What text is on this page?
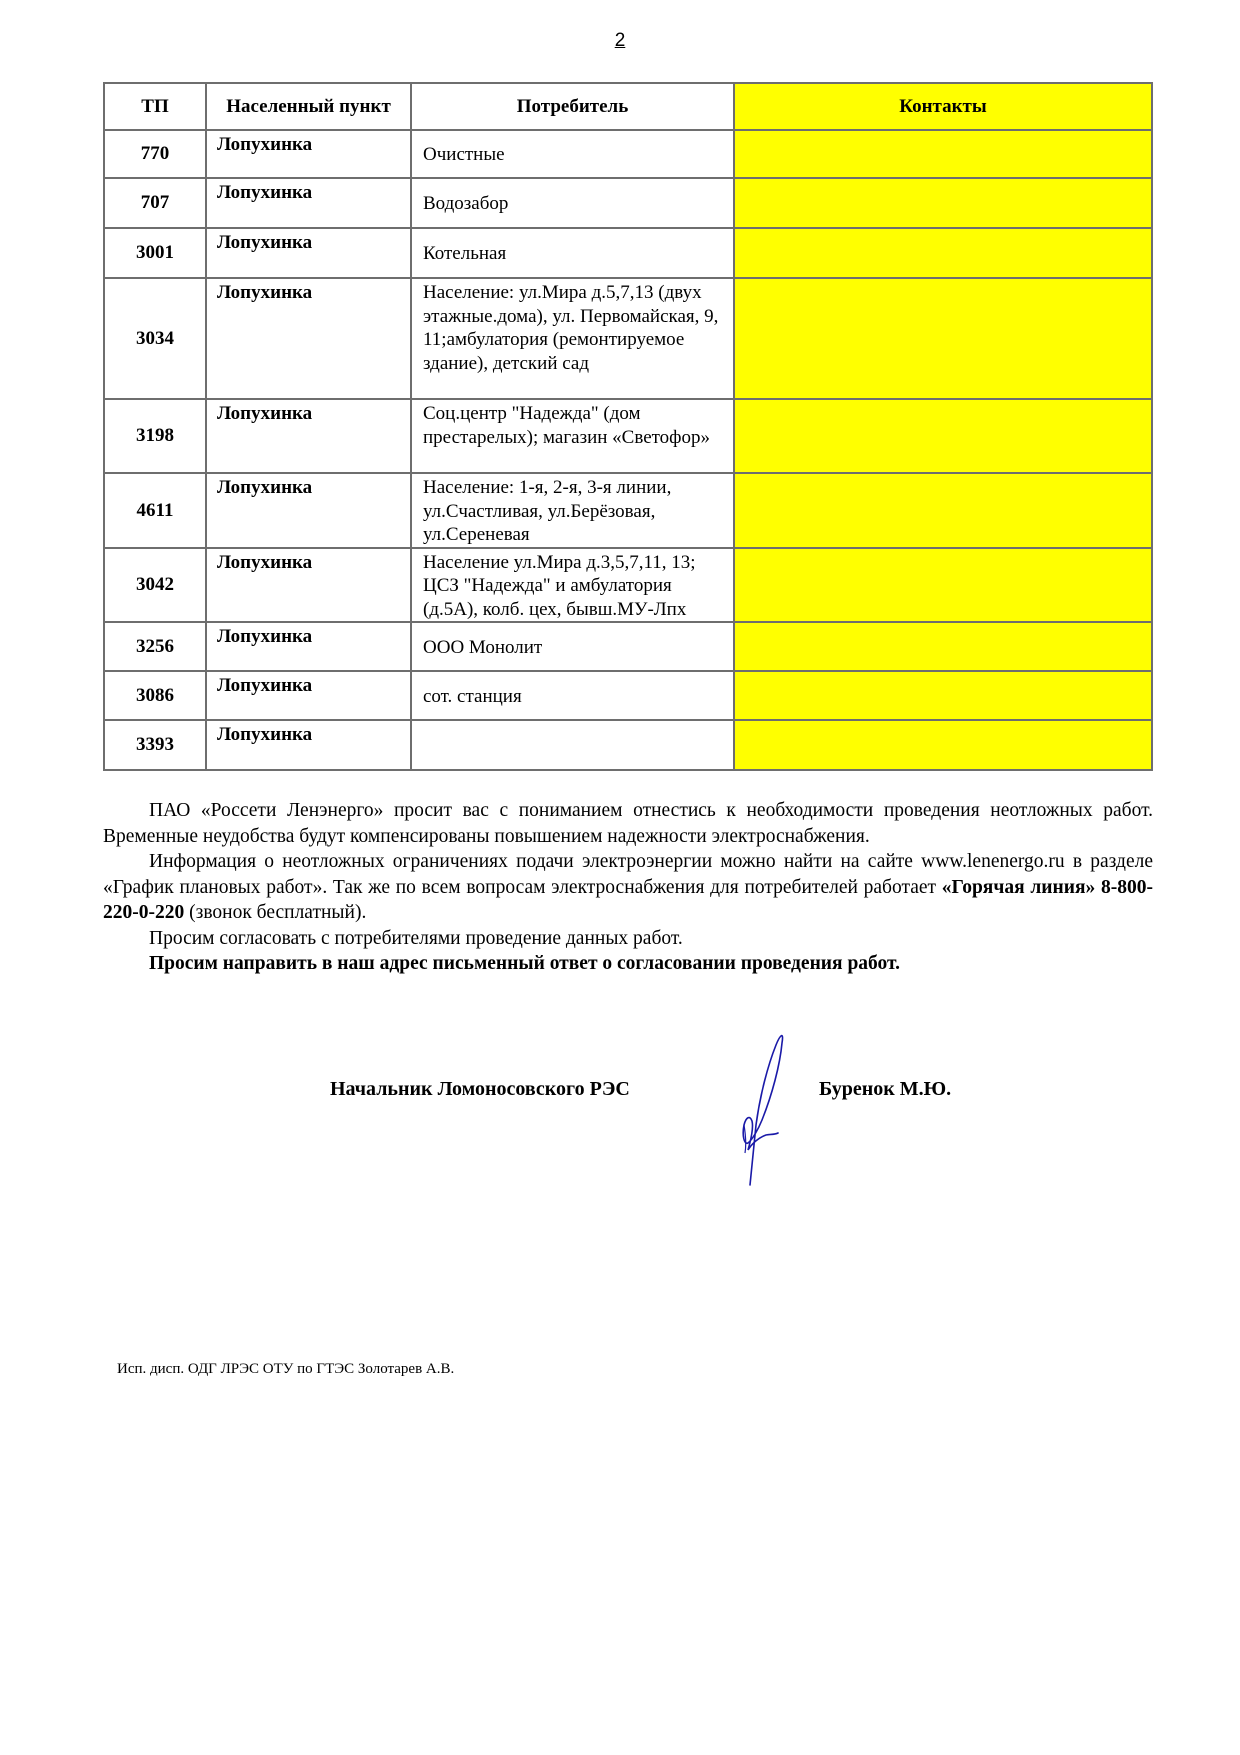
2
ТП	Населенный пункт	Потребитель	Контакты
770	Лопухинка	Очистные	
707	Лопухинка	Водозабор	
3001	Лопухинка	Котельная	
3034	Лопухинка	Население: ул.Мира д.5,7,13 (двух этажные.дома), ул. Первомайская, 9, 11;амбулатория (ремонтируемое здание), детский сад	
3198	Лопухинка	Соц.центр "Надежда" (дом престарелых); магазин «Светофор»	
4611	Лопухинка	Население: 1-я, 2-я, 3-я линии, ул.Счастливая, ул.Берёзовая, ул.Сереневая	
3042	Лопухинка	Население ул.Мира д.3,5,7,11, 13; ЦСЗ "Надежда" и амбулатория (д.5А), колб. цех, бывш.МУ-Лпх	
3256	Лопухинка	ООО Монолит	
3086	Лопухинка	сот. станция	
3393	Лопухинка		

ПАО «Россети Ленэнерго» просит вас с пониманием отнестись к необходимости проведения неотложных работ. Временные неудобства будут компенсированы повышением надежности электроснабжения.

Информация о неотложных ограничениях подачи электроэнергии можно найти на сайте www.lenenergo.ru в разделе «График плановых работ». Так же по всем вопросам электроснабжения для потребителей работает «Горячая линия» 8-800-220-0-220 (звонок бесплатный).

Просим согласовать с потребителями проведение данных работ.

Просим направить в наш адрес письменный ответ о согласовании проведения работ.

Начальник Ломоносовского РЭС	Буренок М.Ю.
Исп. дисп. ОДГ ЛРЭС ОТУ по ГТЭС Золотарев А.В.
